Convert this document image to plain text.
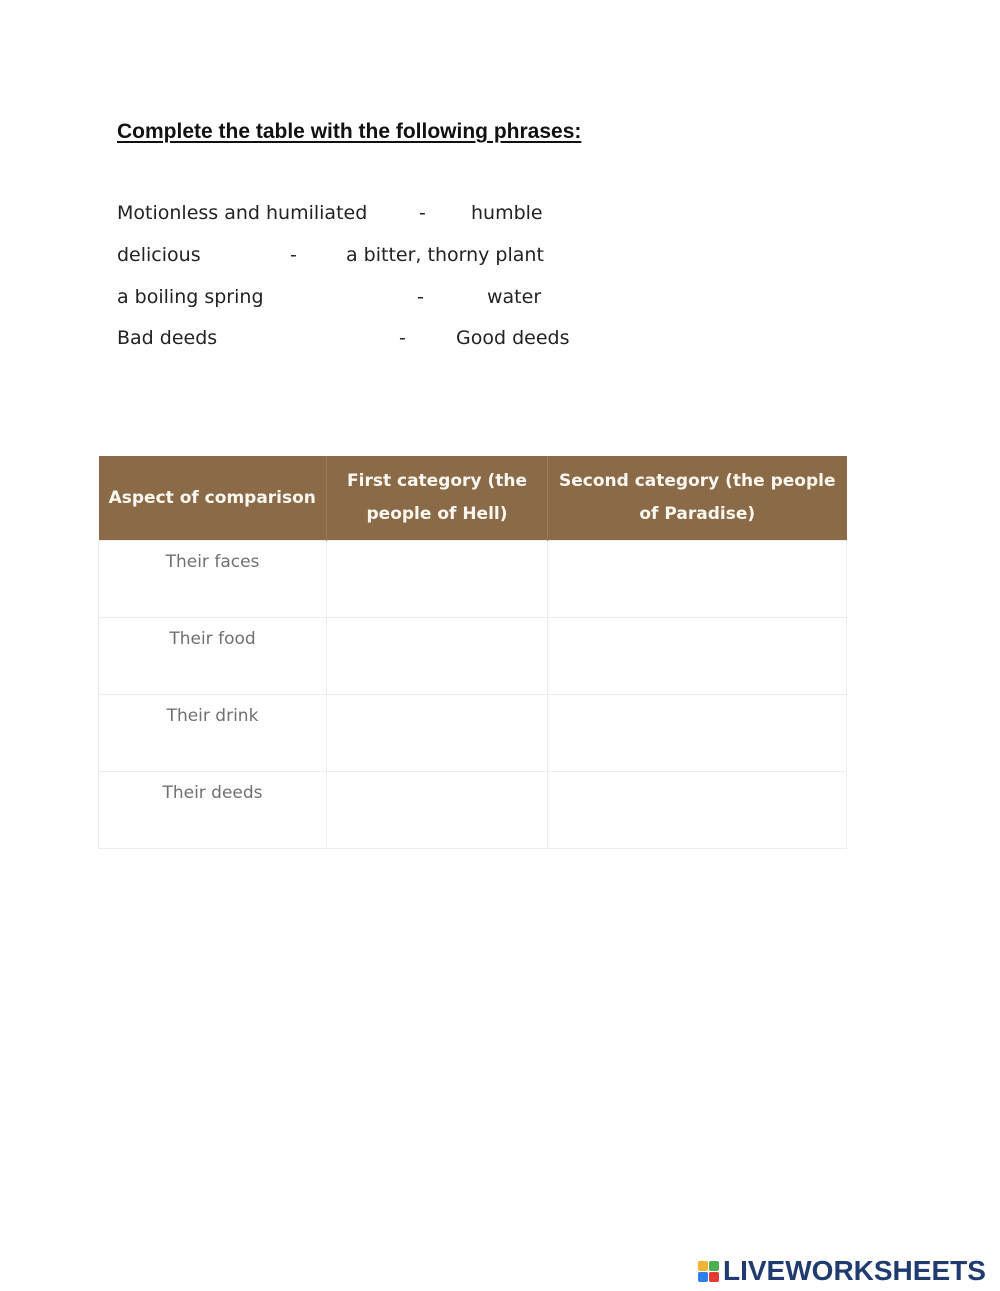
Complete the table with the following phrases:
Motionless and humiliated	- humble
delicious	-	a bitter, thorny plant
a boiling spring	-	water
Bad deeds	-	Good deeds
Aspect of comparison	First category (the people of Hell)	Second category (the people of Paradise)
Their faces		
Their food		
Their drink		
Their deeds		
LIVEWORKSHEETS
